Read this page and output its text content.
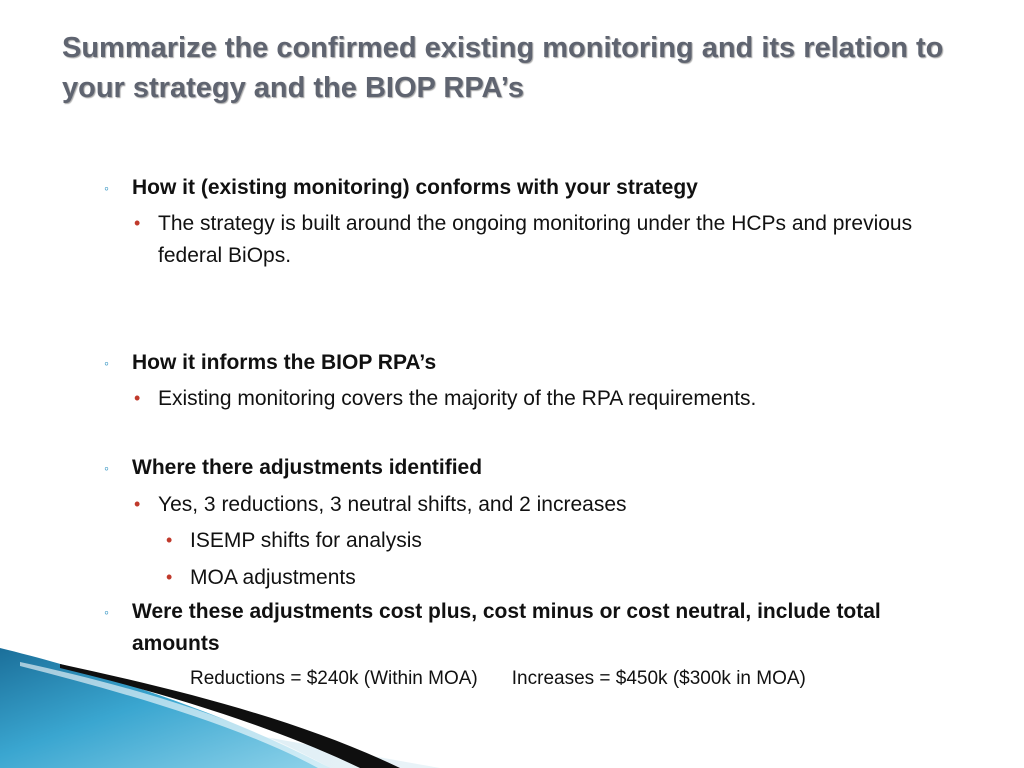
Summarize the confirmed existing monitoring and its relation to your strategy and the BIOP RPA’s
◦ How it (existing monitoring) conforms with your strategy
• The strategy is built around the ongoing monitoring under the HCPs and previous federal BiOps.
◦ How it informs the BIOP RPA’s
• Existing monitoring covers the majority of the RPA requirements.
◦ Where there adjustments identified
• Yes, 3 reductions, 3 neutral shifts, and 2 increases
• ISEMP shifts for analysis
• MOA adjustments
◦ Were these adjustments cost plus, cost minus or cost neutral, include total amounts
Reductions = $240k (Within MOA) Increases = $450k ($300k in MOA)
